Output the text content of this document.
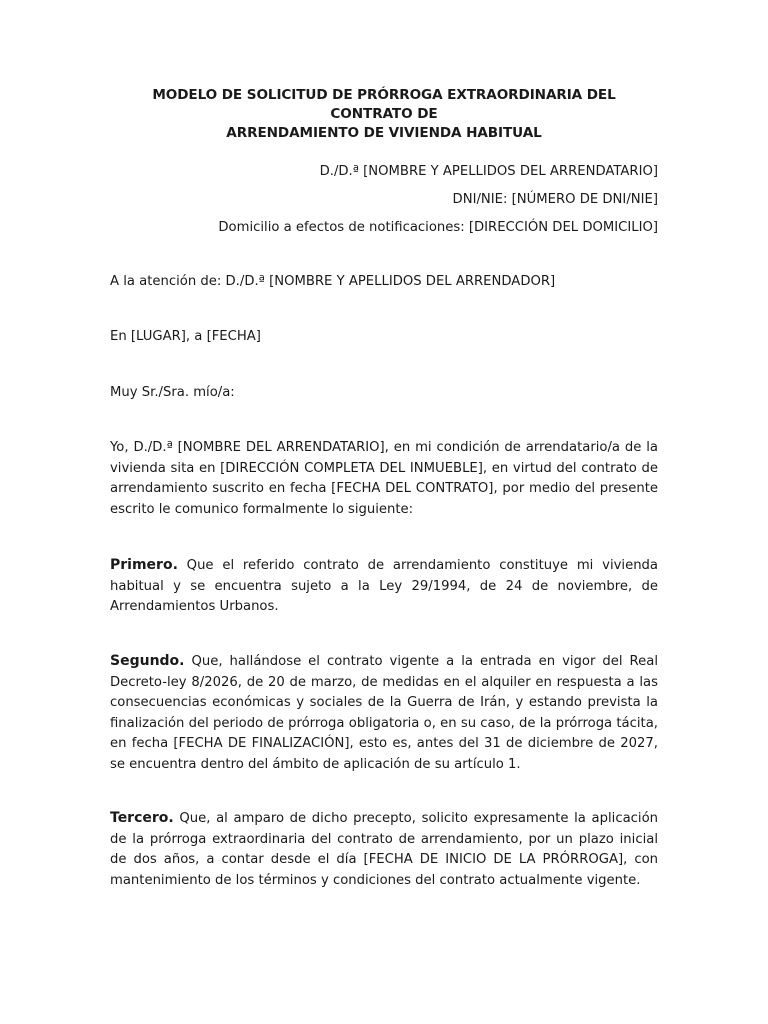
MODELO DE SOLICITUD DE PRÓRROGA EXTRAORDINARIA DEL CONTRATO DE
ARRENDAMIENTO DE VIVIENDA HABITUAL
D./D.ª [NOMBRE Y APELLIDOS DEL ARRENDATARIO]
DNI/NIE: [NÚMERO DE DNI/NIE]
Domicilio a efectos de notificaciones: [DIRECCIÓN DEL DOMICILIO]
A la atención de: D./D.ª [NOMBRE Y APELLIDOS DEL ARRENDADOR]
En [LUGAR], a [FECHA]
Muy Sr./Sra. mío/a:
Yo, D./D.ª [NOMBRE DEL ARRENDATARIO], en mi condición de arrendatario/a de la vivienda sita en [DIRECCIÓN COMPLETA DEL INMUEBLE], en virtud del contrato de arrendamiento suscrito en fecha [FECHA DEL CONTRATO], por medio del presente escrito le comunico formalmente lo siguiente:
Primero. Que el referido contrato de arrendamiento constituye mi vivienda habitual y se encuentra sujeto a la Ley 29/1994, de 24 de noviembre, de Arrendamientos Urbanos.
Segundo. Que, hallándose el contrato vigente a la entrada en vigor del Real Decreto-ley 8/2026, de 20 de marzo, de medidas en el alquiler en respuesta a las consecuencias económicas y sociales de la Guerra de Irán, y estando prevista la finalización del periodo de prórroga obligatoria o, en su caso, de la prórroga tácita, en fecha [FECHA DE FINALIZACIÓN], esto es, antes del 31 de diciembre de 2027, se encuentra dentro del ámbito de aplicación de su artículo 1.
Tercero. Que, al amparo de dicho precepto, solicito expresamente la aplicación de la prórroga extraordinaria del contrato de arrendamiento, por un plazo inicial de dos años, a contar desde el día [FECHA DE INICIO DE LA PRÓRROGA], con mantenimiento de los términos y condiciones del contrato actualmente vigente.
